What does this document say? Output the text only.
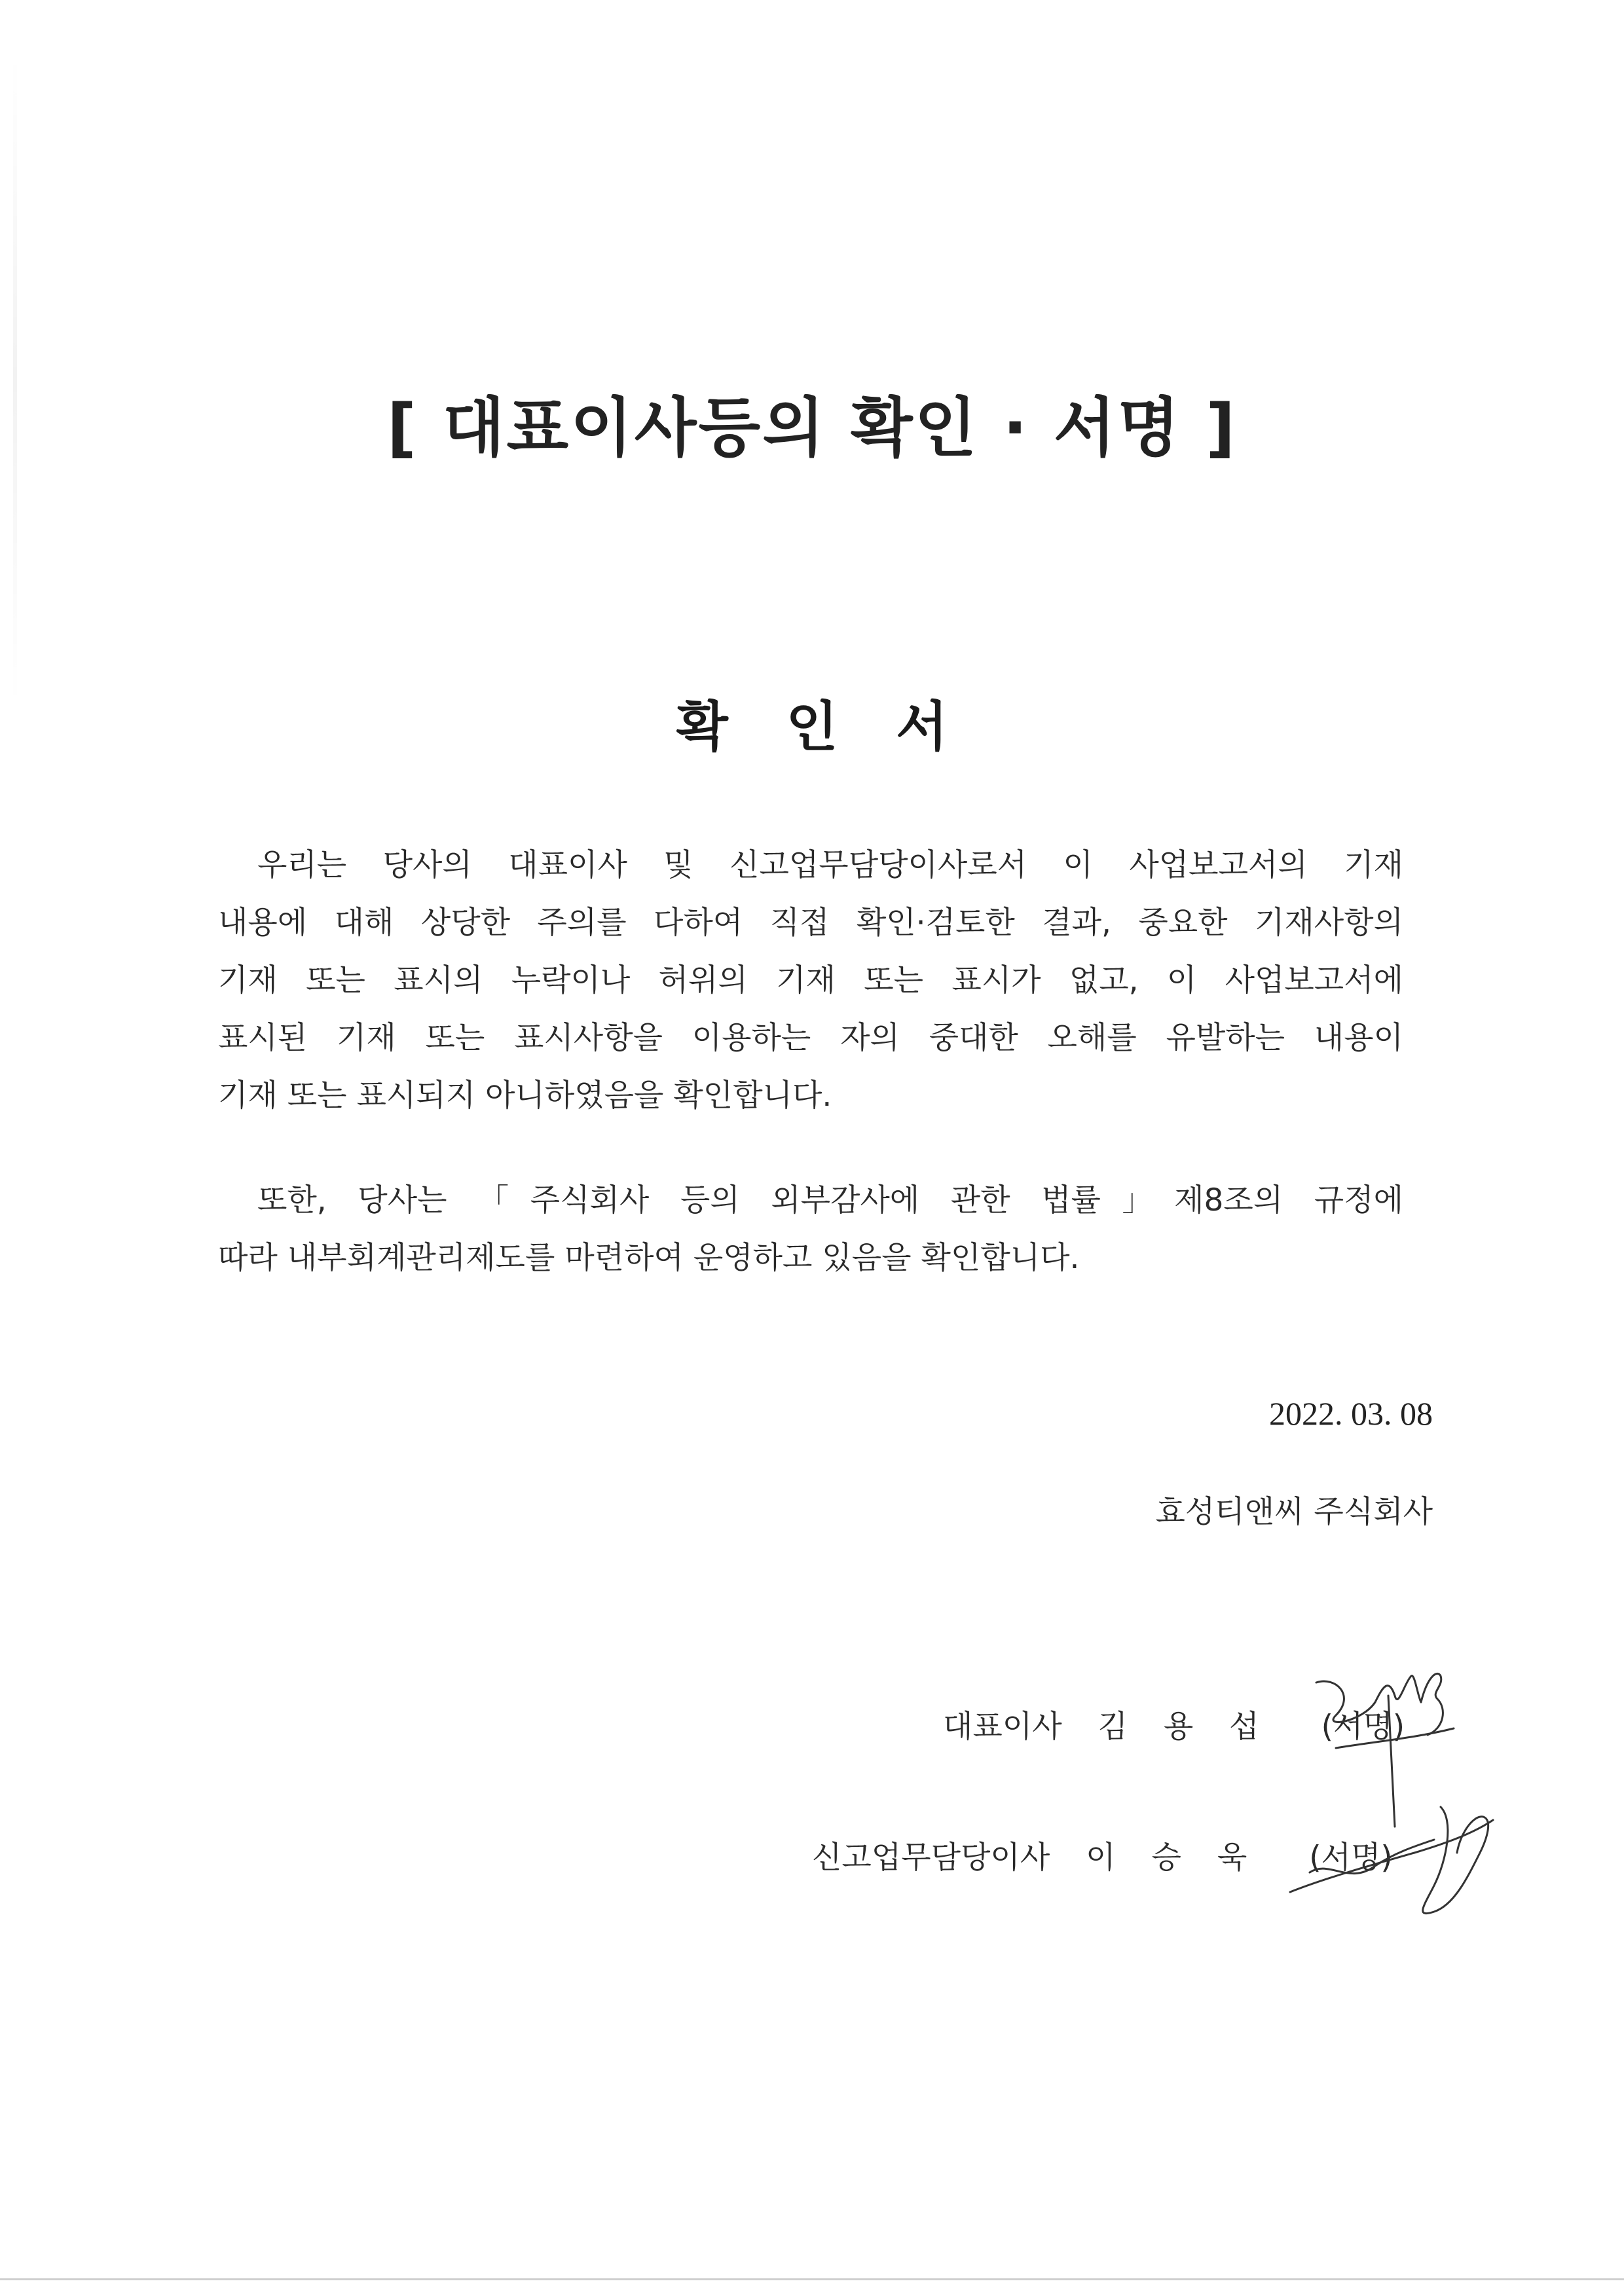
[ 대표이사등의 확인 · 서명 ]
확 인 서
우리는 당사의 대표이사 및 신고업무담당이사로서 이 사업보고서의 기재
내용에 대해 상당한 주의를 다하여 직접 확인·검토한 결과, 중요한 기재사항의
기재 또는 표시의 누락이나 허위의 기재 또는 표시가 없고, 이 사업보고서에
표시된 기재 또는 표시사항을 이용하는 자의 중대한 오해를 유발하는 내용이
기재 또는 표시되지 아니하였음을 확인합니다.
또한, 당사는 「주식회사 등의 외부감사에 관한 법률」제8조의 규정에
따라 내부회계관리제도를 마련하여 운영하고 있음을 확인합니다.
2022. 03. 08
효성티앤씨 주식회사
대표이사 김 용 섭 (서명)
신고업무담당이사 이 승 욱 (서명)
